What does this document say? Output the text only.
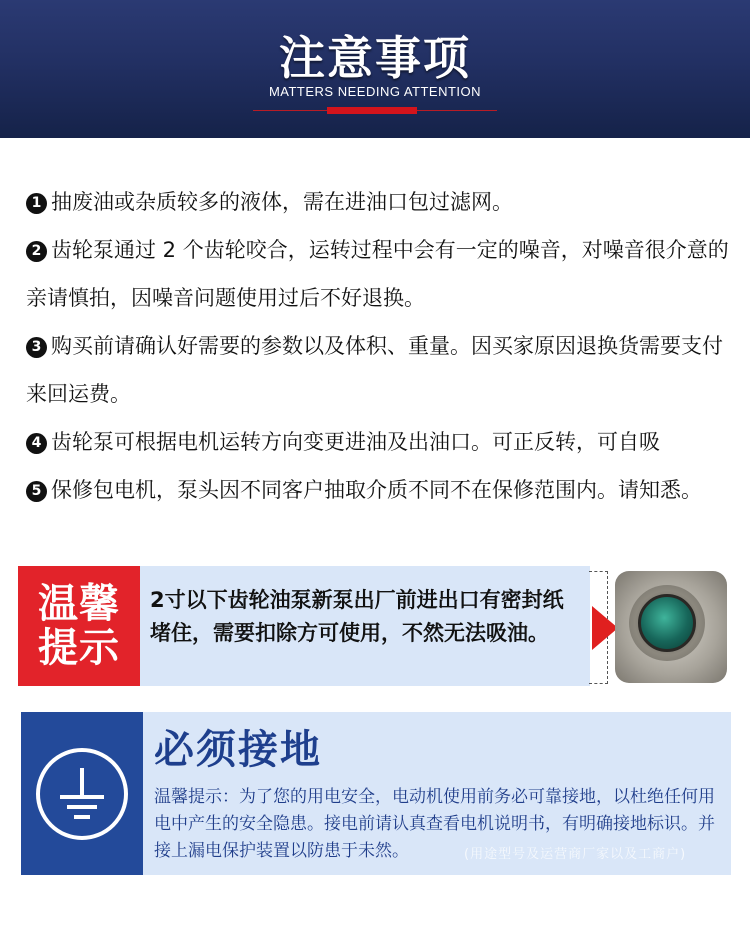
注意事项
MATTERS NEEDING ATTENTION

1 抽废油或杂质较多的液体，需在进油口包过滤网。

2 齿轮泵通过 2 个齿轮咬合，运转过程中会有一定的噪音，对噪音很介意的亲请慎拍，因噪音问题使用过后不好退换。

3 购买前请确认好需要的参数以及体积、重量。因买家原因退换货需要支付来回运费。

4 齿轮泵可根据电机运转方向变更进油及出油口。可正反转，可自吸

5 保修包电机，泵头因不同客户抽取介质不同不在保修范围内。请知悉。

温馨
提示
2寸以下齿轮油泵新泵出厂前进出口有密封纸堵住，需要扣除方可使用，不然无法吸油。
必须接地
温馨提示：为了您的用电安全，电动机使用前务必可靠接地，以杜绝任何用电中产生的安全隐患。接电前请认真查看电机说明书，有明确接地标识。并接上漏电保护装置以防患于未然。	(用途型号及运营商厂家以及工商户)
